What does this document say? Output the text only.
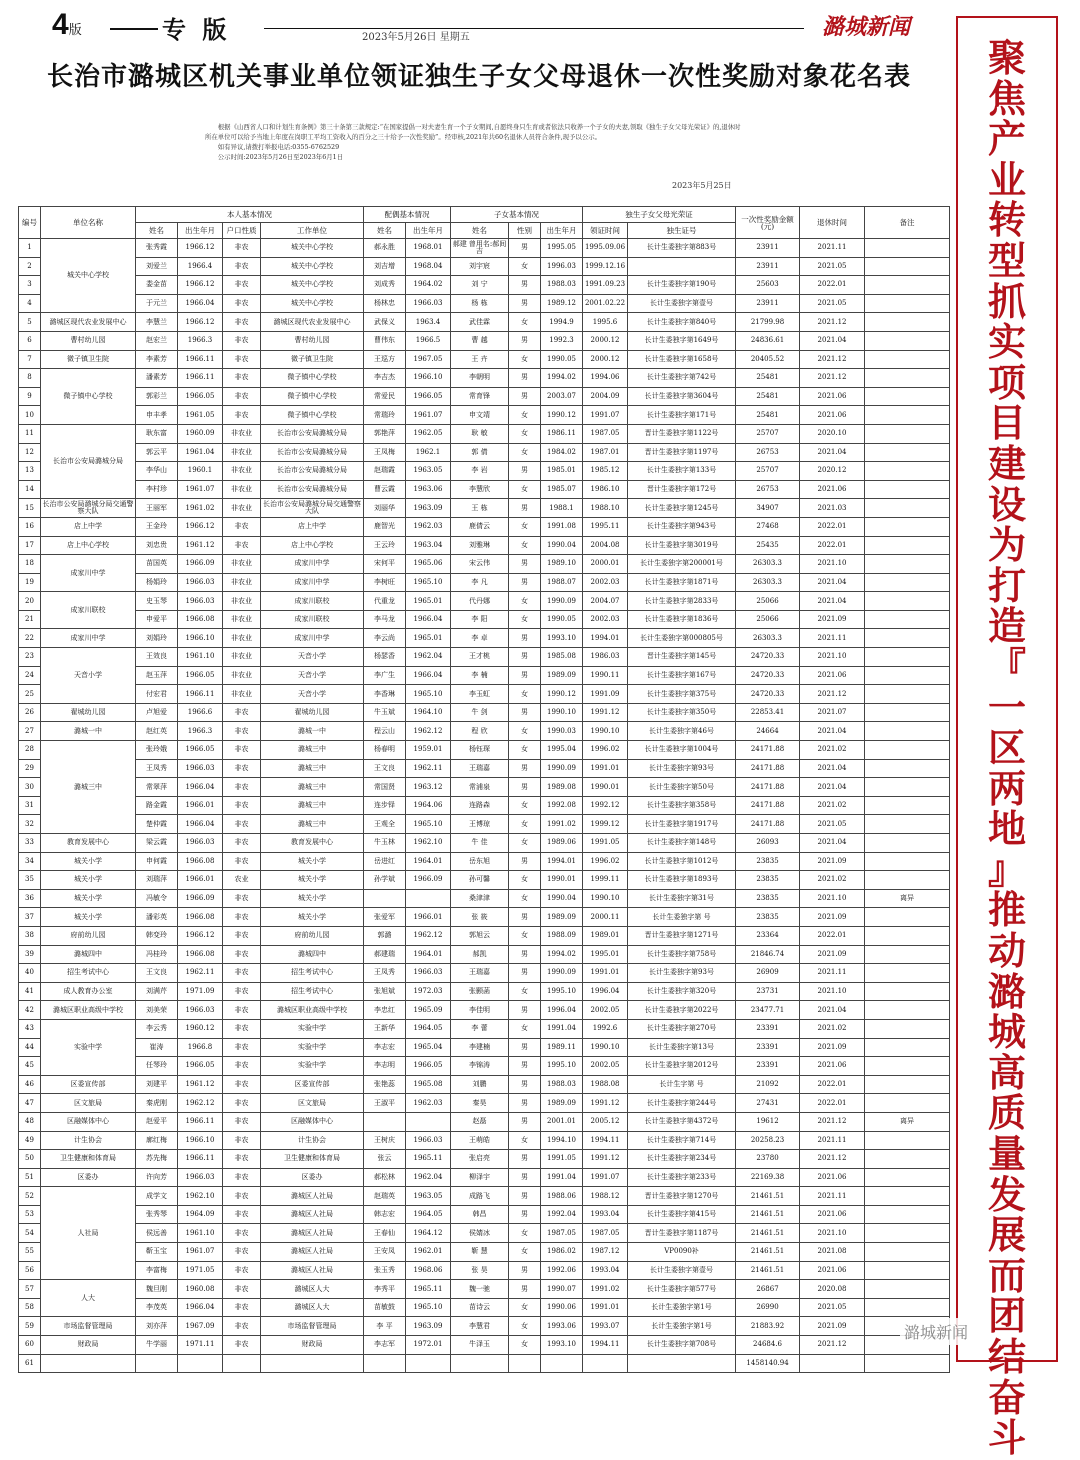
4版	专 版	2023年5月26日 星期五	潞城新闻
长治市潞城区机关事业单位领证独生子女父母退休一次性奖励对象花名表

根据《山西省人口和计划生育条例》第三十条第三款规定:“在国家提倡一对夫妻生育一个子女期间,自愿终身只生育或者依法只收养一个子女的夫妻,领取《独生子女父母光荣证》的,退休时所在单位可以给予当地上年度在岗职工平均工资收入的百分之三十给予一次性奖励”。经审核,2021年共60名退休人员符合条件,现予以公示。

如有异议,请拨打举报电话:0355-6762529

公示时间:2023年5月26日至2023年6月1日

2023年5月25日
编号	单位名称	本人基本情况				配偶基本情况		子女基本情况			独生子女父母光荣证		一次性奖励金额(元)	退休时间	备注
		姓名	出生年月	户口性质	工作单位	姓名	出生年月	姓名	性别	出生年月	领证时间	独生证号			
1	城关中心学校	张秀霞	1966.12	非农	城关中心学校	郝永胜	1968.01	郝建 曾用名:郝间吉	男	1995.05	1995.09.06	长计生委独字第883号	23911	2021.11	
2		刘爱兰	1966.4	非农	城关中心学校	刘吉增	1968.04	刘宇宸	女	1996.03	1999.12.16		23911	2021.05	
3		娄金苗	1966.12	非农	城关中心学校	刘成秀	1964.02	刘 宁	男	1988.03	1991.09.23	长计生委独字第190号	25603	2022.01	
4		于元兰	1966.04	非农	城关中心学校	杨林忠	1966.03	杨 栋	男	1989.12	2001.02.22	长计生委独字第壹号	23911	2021.05	
5	潞城区现代农业发展中心	李慧兰	1966.12	非农	潞城区现代农业发展中心	武保义	1963.4	武佳霖	女	1994.9	1995.6	长计生委独字第840号	21799.98	2021.12	
6	曹村幼儿园	赵宏兰	1966.3	非农	曹村幼儿园	曹伟东	1966.5	曹 越	男	1992.3	2000.12	长计生委独字第1649号	24836.61	2021.04	
7	微子镇卫生院	李素芳	1966.11	非农	微子镇卫生院	王巡方	1967.05	王 卉	女	1990.05	2000.12	长计生委独字第1658号	20405.52	2021.12	
8	微子镇中心学校	潘素芳	1966.11	非农	微子镇中心学校	李吉杰	1966.10	李朝明	男	1994.02	1994.06	长计生委独字第742号	25481	2021.12	
9		郭彩兰	1966.05	非农	微子镇中心学校	常爱民	1966.05	常育锋	男	2003.07	2004.09	长计生委独字第3604号	25481	2021.06	
10		申丰孝	1961.05	非农	微子镇中心学校	常瑞玲	1961.07	申文靖	女	1990.12	1991.07	长计生委独字第171号	25481	2021.06	
11	长治市公安局潞城分局	耿东富	1960.09	非农业	长治市公安局潞城分局	郭艳萍	1962.05	耿 敏	女	1986.11	1987.05	晋计生委独字第1122号	25707	2020.10	
12		郭云平	1961.04	非农业	长治市公安局潞城分局	王凤梅	1962.1	郭 倩	女	1984.02	1987.01	晋计生委独字第1197号	26753	2021.04	
13		李华山	1960.1	非农业	长治市公安局潞城分局	赵瑞霞	1963.05	李 岩	男	1985.01	1985.12	长计生委独字第133号	25707	2020.12	
14		李村珍	1961.07	非农业	长治市公安局潞城分局	曹云霞	1963.06	李慧欣	女	1985.07	1986.10	晋计生委独字第172号	26753	2021.06	
15	长治市公安局潞城分局交通警察大队	王丽军	1961.02	非农业	长治市公安局潞城分局交通警察大队	刘丽华	1963.09	王 栋	男	1988.1	1988.10	长计生委独字第1245号	34907	2021.03	
16	店上中学	王金玲	1966.12	非农	店上中学	鹿智光	1962.03	鹿倩云	女	1991.08	1995.11	长计生委独字第943号	27468	2022.01	
17	店上中心学校	刘忠贵	1961.12	非农	店上中心学校	王云玲	1963.04	刘雅琳	女	1990.04	2004.08	长计生委独字第3019号	25435	2022.01	
18	成家川中学	苗国英	1966.09	非农业	成家川中学	宋何平	1965.06	宋云伟	男	1989.10	2000.01	长计生委独字第200001号	26303.3	2021.10	
19		杨娟玲	1966.03	非农业	成家川中学	李树旺	1965.10	李 凡	男	1988.07	2002.03	长计生委独字第1871号	26303.3	2021.04	
20	成家川联校	史玉琴	1966.03	非农业	成家川联校	代重龙	1965.01	代丹娜	女	1990.09	2004.07	长计生委独字第2833号	25066	2021.04	
21		申爱平	1966.08	非农业	成家川联校	李马龙	1966.04	李 阳	女	1990.05	2002.03	长计生委独字第1836号	25066	2021.09	
22	成家川中学	刘娟玲	1966.10	非农业	成家川中学	李云尚	1965.01	李 卓	男	1993.10	1994.01	长计生委独字第000805号	26303.3	2021.11	
23	天音小学	王效良	1961.10	非农业	天音小学	杨瑟香	1962.04	王才桃	男	1985.08	1986.03	晋计生委独字第145号	24720.33	2021.10	
24		赵玉萍	1966.05	非农业	天音小学	李广生	1966.04	李 楠	男	1989.09	1990.11	长计生委独字第167号	24720.33	2021.06	
25		付宏君	1966.11	非农业	天音小学	李香琳	1965.10	李玉虹	女	1990.12	1991.09	长计生委独字第375号	24720.33	2021.12	
26	翟城幼儿园	卢旭爱	1966.6	非农	翟城幼儿园	牛玉斌	1964.10	牛 剑	男	1990.10	1991.12	长计生委独字第350号	22853.41	2021.07	
27	潞城一中	赵红英	1966.3	非农	潞城一中	程云山	1962.12	程 欣	女	1990.03	1990.10	长计生委独字第46号	24664	2021.04	
28	潞城三中	张玲娥	1966.05	非农	潞城三中	杨春明	1959.01	杨钰琛	女	1995.04	1996.02	长计生委独字第1004号	24171.88	2021.02	
29		王凤秀	1966.03	非农	潞城三中	王文良	1962.11	王瑞嘉	男	1990.09	1991.01	长计生委独字第93号	24171.88	2021.04	
30		常翠萍	1966.04	非农	潞城三中	常国贤	1963.12	常浦泉	男	1989.08	1990.01	长计生委独字第50号	24171.88	2021.04	
31		路金霞	1966.01	非农	潞城三中	连步铎	1964.06	连路森	女	1992.08	1992.12	长计生委独字第358号	24171.88	2021.02	
32		楚仲霞	1966.04	非农	潞城三中	王观全	1965.10	王博琼	女	1991.02	1999.12	长计生委独字第1917号	24171.88	2021.05	
33	教育发展中心	梁云霞	1966.03	非农	教育发展中心	牛玉林	1962.10	牛 佳	女	1989.06	1991.05	长计生委独字第148号	26093	2021.04	
34	城关小学	申何霞	1966.08	非农	城关小学	岳进红	1964.01	岳东旭	男	1994.01	1996.02	长计生委独字第1012号	23835	2021.09	
35	城关小学	刘瑞萍	1966.01	农业	城关小学	孙学斌	1966.09	孙可馨	女	1990.01	1999.11	长计生委独字第1893号	23835	2021.02	
36	城关小学	冯敏令	1966.09	非农	城关小学			桑津津	女	1990.04	1990.10	长计生委独字第31号	23835	2021.10	离异
37	城关小学	潘彩英	1966.08	非农	城关小学	张爱军	1966.01	张 筱	男	1989.09	2000.11	长计生委独字第 号	23835	2021.09	
38	府前幼儿园	韩变玲	1966.12	非农	府前幼儿园	郭潞	1962.12	郭旭云	女	1988.09	1989.01	晋计生委独字第1271号	23364	2022.01	
39	潞城四中	冯桂玲	1966.08	非农	潞城四中	郝建瑞	1964.01	郝凯	男	1994.02	1995.01	长计生委独字第758号	21846.74	2021.09	
40	招生考试中心	王文良	1962.11	非农	招生考试中心	王凤秀	1966.03	王瑞嘉	男	1990.09	1991.01	长计生委独字第93号	26909	2021.11	
41	成人教育办公室	刘满芹	1971.09	非农	招生考试中心	张旭斌	1972.03	张颢菡	女	1995.10	1996.04	长计生委独字第320号	23731	2021.10	
42	潞城区职业高级中学校	刘美荣	1966.03	非农	潞城区职业高级中学校	李忠红	1965.09	李佳明	男	1996.04	2002.05	长计生委独字第2022号	23477.71	2021.04	
43	实验中学	李云秀	1960.12	非农	实验中学	王新华	1964.05	李 蕾	女	1991.04	1992.6	长计生委独字第270号	23391	2021.02	
44		崔涛	1966.8	非农	实验中学	李志宏	1965.04	李建楠	男	1989.11	1990.10	长计生委独字第13号	23391	2021.09	
45		任琴玲	1966.05	非农	实验中学	李志明	1966.05	李锦涛	男	1995.10	2002.05	长计生委独字第2012号	23391	2021.06	
46	区委宣传部	刘建平	1961.12	非农	区委宣传部	张艳蕊	1965.08	刘鹏	男	1988.03	1988.08	长计生字第 号	21092	2022.01	
47	区文旅局	秦虎刚	1962.12	非农	区文旅局	王淑平	1962.03	秦昊	男	1989.09	1991.12	长计生委独字第244号	27431	2022.01	
48	区融媒体中心	赵爱平	1966.11	非农	区融媒体中心			赵磊	男	2001.01	2005.12	长计生委独字第4372号	19612	2021.12	离异
49	计生协会	廓红梅	1966.10	非农	计生协会	王树庆	1966.03	王萌皓	女	1994.10	1994.11	长计生委独字第714号	20258.23	2021.11	
50	卫生健康和体育局	苏先梅	1966.11	非农	卫生健康和体育局	张云	1965.11	张启亮	男	1991.05	1991.12	长计生委独字第234号	23780	2021.12	
51	区委办	许向芳	1966.03	非农	区委办	郝松林	1962.04	柳泽宇	男	1991.04	1991.07	长计生委独字第233号	22169.38	2021.06	
52	人社局	成学文	1962.10	非农	潞城区人社局	赵瑞英	1963.05	成路飞	男	1988.06	1988.12	晋计生委独字第1270号	21461.51	2021.11	
53		张秀琴	1964.09	非农	潞城区人社局	韩志宏	1964.05	韩昌	男	1992.04	1993.04	长计生委独字第415号	21461.51	2021.06	
54		侯远善	1961.10	非农	潞城区人社局	王春仙	1964.12	侯婧冰	女	1987.05	1987.05	晋计生委独字第1187号	21461.51	2021.10	
55		靳玉宝	1961.07	非农	潞城区人社局	王安凤	1962.01	靳 慧	女	1986.02	1987.12	VP0090补	21461.51	2021.08	
56		李富梅	1971.05	非农	潞城区人社局	张玉秀	1968.06	张 昊	男	1992.06	1993.04	长计生委独字第壹号	21461.51	2021.06	
57	人大	魏旦刚	1960.08	非农	潞城区人大	李秀平	1965.11	魏一驰	男	1990.07	1991.02	长计生委独字第577号	26867	2020.08	
58		李茂英	1966.04	非农	潞城区人大	苗敏鼓	1965.10	苗诗云	女	1990.06	1991.01	长计生委独字第1号	26990	2021.05	
59	市场监督管理局	刘亦萍	1967.09	非农	市场监督管理局	李 平	1963.09	李慧君	女	1993.06	1993.07	长计生委独字第1号	21883.92	2021.09	
60	财政局	牛学丽	1971.11	非农	财政局	李志军	1972.01	牛泽玉	女	1993.10	1994.11	长计生委独字第708号	24684.6	2021.12	
61													1458140.94		
聚
焦
产
业
转
型
抓
实
项
目
建
设
为
打
造
『
一
区
两
地
』
推
动
潞
城
高
质
量
发
展
而
团
结
奋
斗
潞城新闻
